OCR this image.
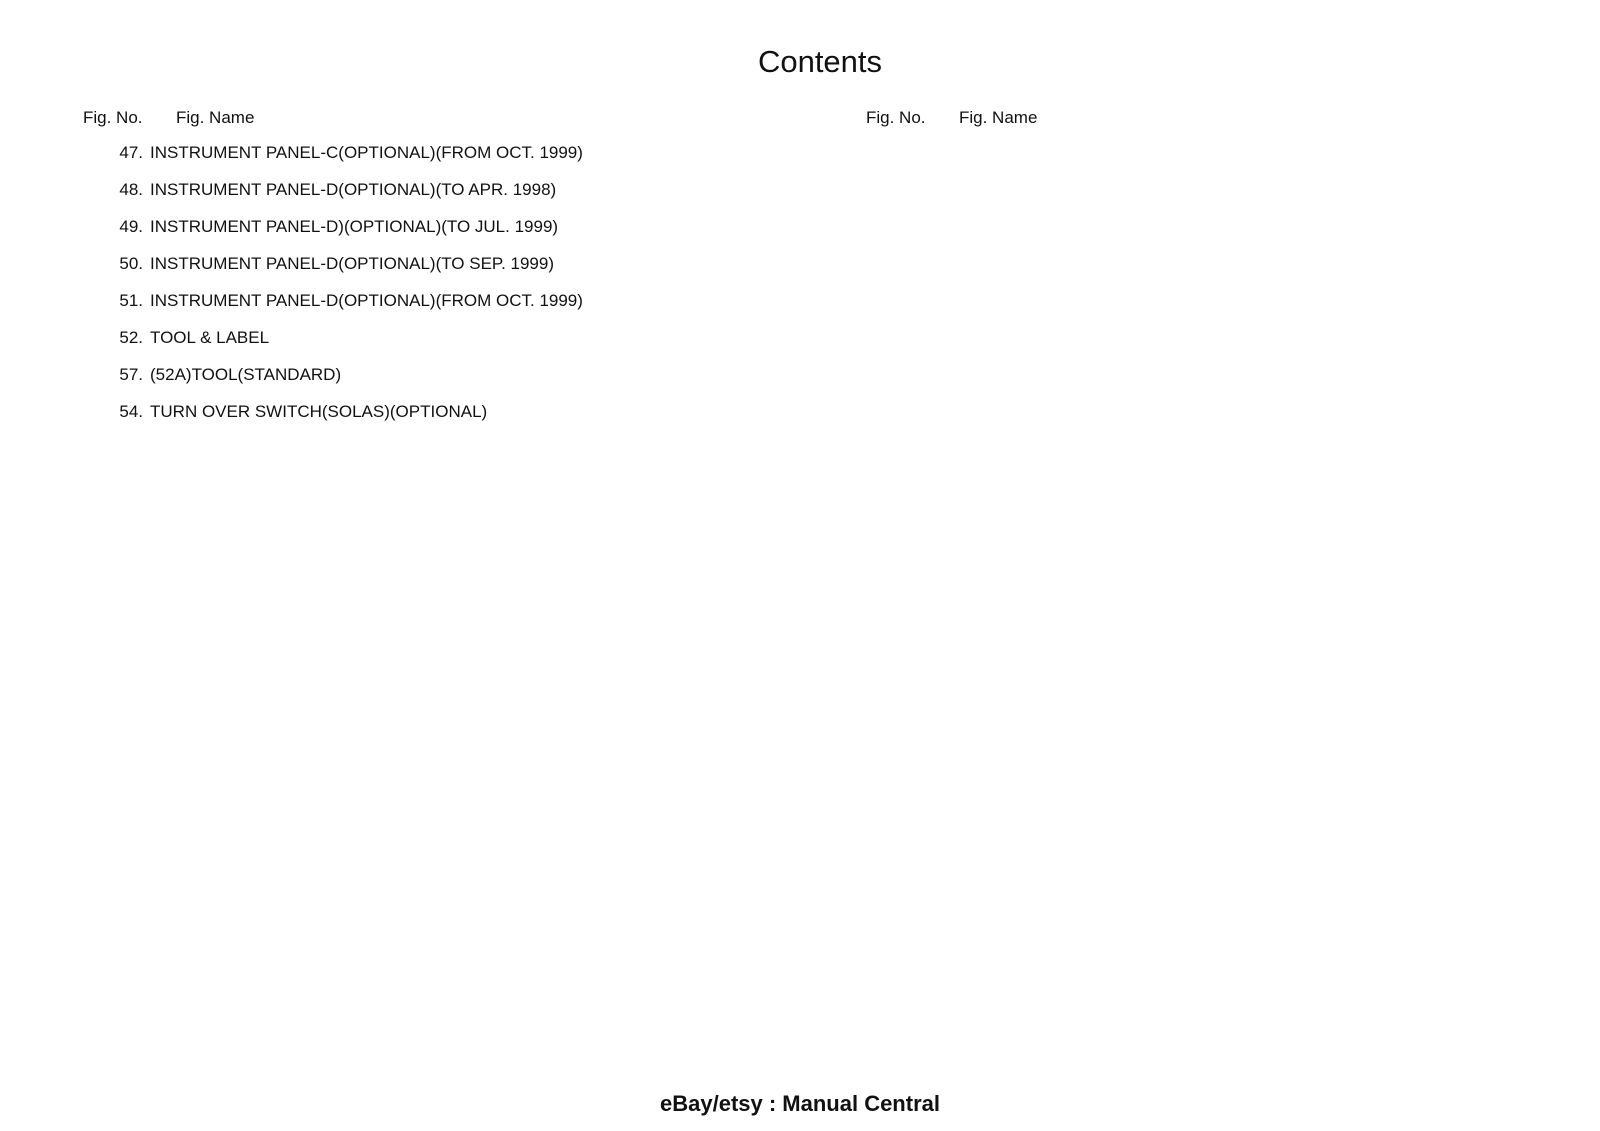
Contents
Fig. No. Fig. Name	Fig. No. Fig. Name
47. INSTRUMENT PANEL-C(OPTIONAL)(FROM OCT. 1999)
48. INSTRUMENT PANEL-D(OPTIONAL)(TO APR. 1998)
49. INSTRUMENT PANEL-D)(OPTIONAL)(TO JUL. 1999)
50. INSTRUMENT PANEL-D(OPTIONAL)(TO SEP. 1999)
51. INSTRUMENT PANEL-D(OPTIONAL)(FROM OCT. 1999)
52. TOOL & LABEL
57. (52A)TOOL(STANDARD)
54. TURN OVER SWITCH(SOLAS)(OPTIONAL)
eBay/etsy : Manual Central
